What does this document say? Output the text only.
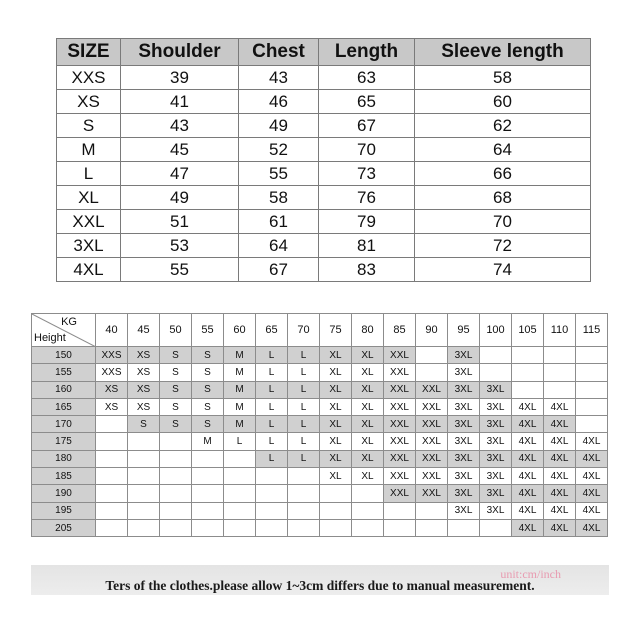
SIZE	Shoulder	Chest	Length	Sleeve length
XXS	39	43	63	58
XS	41	46	65	60
S	43	49	67	62
M	45	52	70	64
L	47	55	73	66
XL	49	58	76	68
XXL	51	61	79	70
3XL	53	64	81	72
4XL	55	67	83	74
KG
Height	40	45	50	55	60	65	70	75	80	85	90	95	100	105	110	115
150	XXS	XS	S	S	M	L	L	XL	XL	XXL		3XL				
155	XXS	XS	S	S	M	L	L	XL	XL	XXL		3XL				
160	XS	XS	S	S	M	L	L	XL	XL	XXL	XXL	3XL	3XL			
165	XS	XS	S	S	M	L	L	XL	XL	XXL	XXL	3XL	3XL	4XL	4XL	
170		S	S	S	M	L	L	XL	XL	XXL	XXL	3XL	3XL	4XL	4XL	
175				M	L	L	L	XL	XL	XXL	XXL	3XL	3XL	4XL	4XL	4XL
180						L	L	XL	XL	XXL	XXL	3XL	3XL	4XL	4XL	4XL
185								XL	XL	XXL	XXL	3XL	3XL	4XL	4XL	4XL
190										XXL	XXL	3XL	3XL	4XL	4XL	4XL
195												3XL	3XL	4XL	4XL	4XL
205														4XL	4XL	4XL
unit:cm/inch
Ters of the clothes.please allow 1~3cm differs due to manual measurement.
